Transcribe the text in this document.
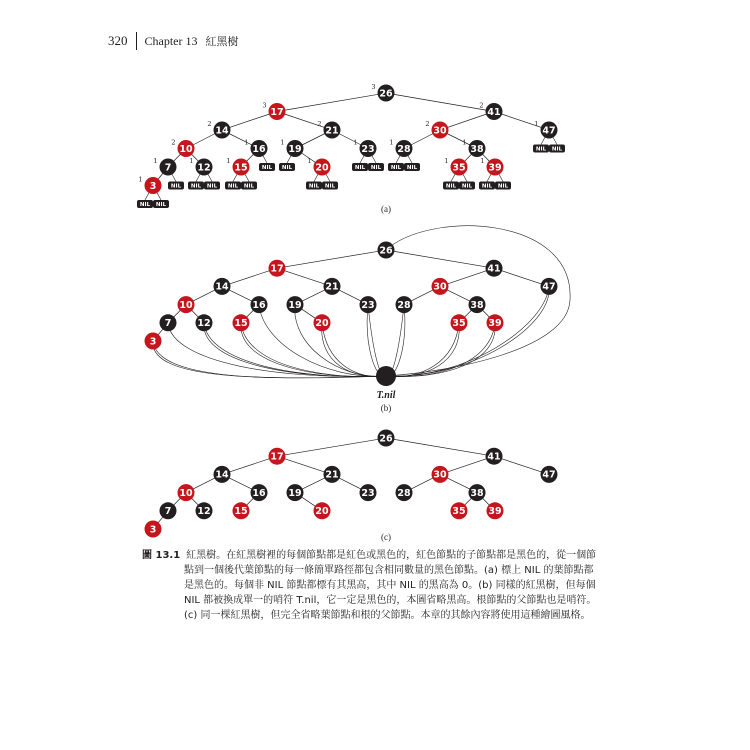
320 Chapter 13 紅黑樹
NIL NIL
NIL NIL	NIL NIL NIL NIL
NIL NIL NIL NIL NIL	NIL NIL	NIL NIL NIL NIL
NIL NIL
26
3
17
3
41
2
14
2
21
2
30
2
47
1
10
2
16
1
19
1
23
1
28
1
38
1
7
1
12
1
15
1
20
1
35
1
39
1
3
1
(a)
26
17	41
14	21	30	47
10	16 19	23 28	38
7	12	15	20	35 39
3
T.nil
(b)
26
17	41
14	21	30	47
10	16 19	23 28	38
7	12	15	20	35 39
3
(c)
圖 13.1 紅黑樹。在紅黑樹裡的每個節點都是紅色或黑色的，紅色節點的子節點都是黑色的，從一個節
點到一個後代葉節點的每一條簡單路徑都包含相同數量的黑色節點。(a) 標上 NIL 的葉節點都
是黑色的。每個非 NIL 節點都標有其黑高，其中 NIL 的黑高為 0。(b) 同樣的紅黑樹，但每個
NIL 都被換成單一的哨符 T.nil，它一定是黑色的，本圖省略黑高。根節點的父節點也是哨符。
(c) 同一棵紅黑樹，但完全省略葉節點和根的父節點。本章的其餘內容將使用這種繪圖風格。
